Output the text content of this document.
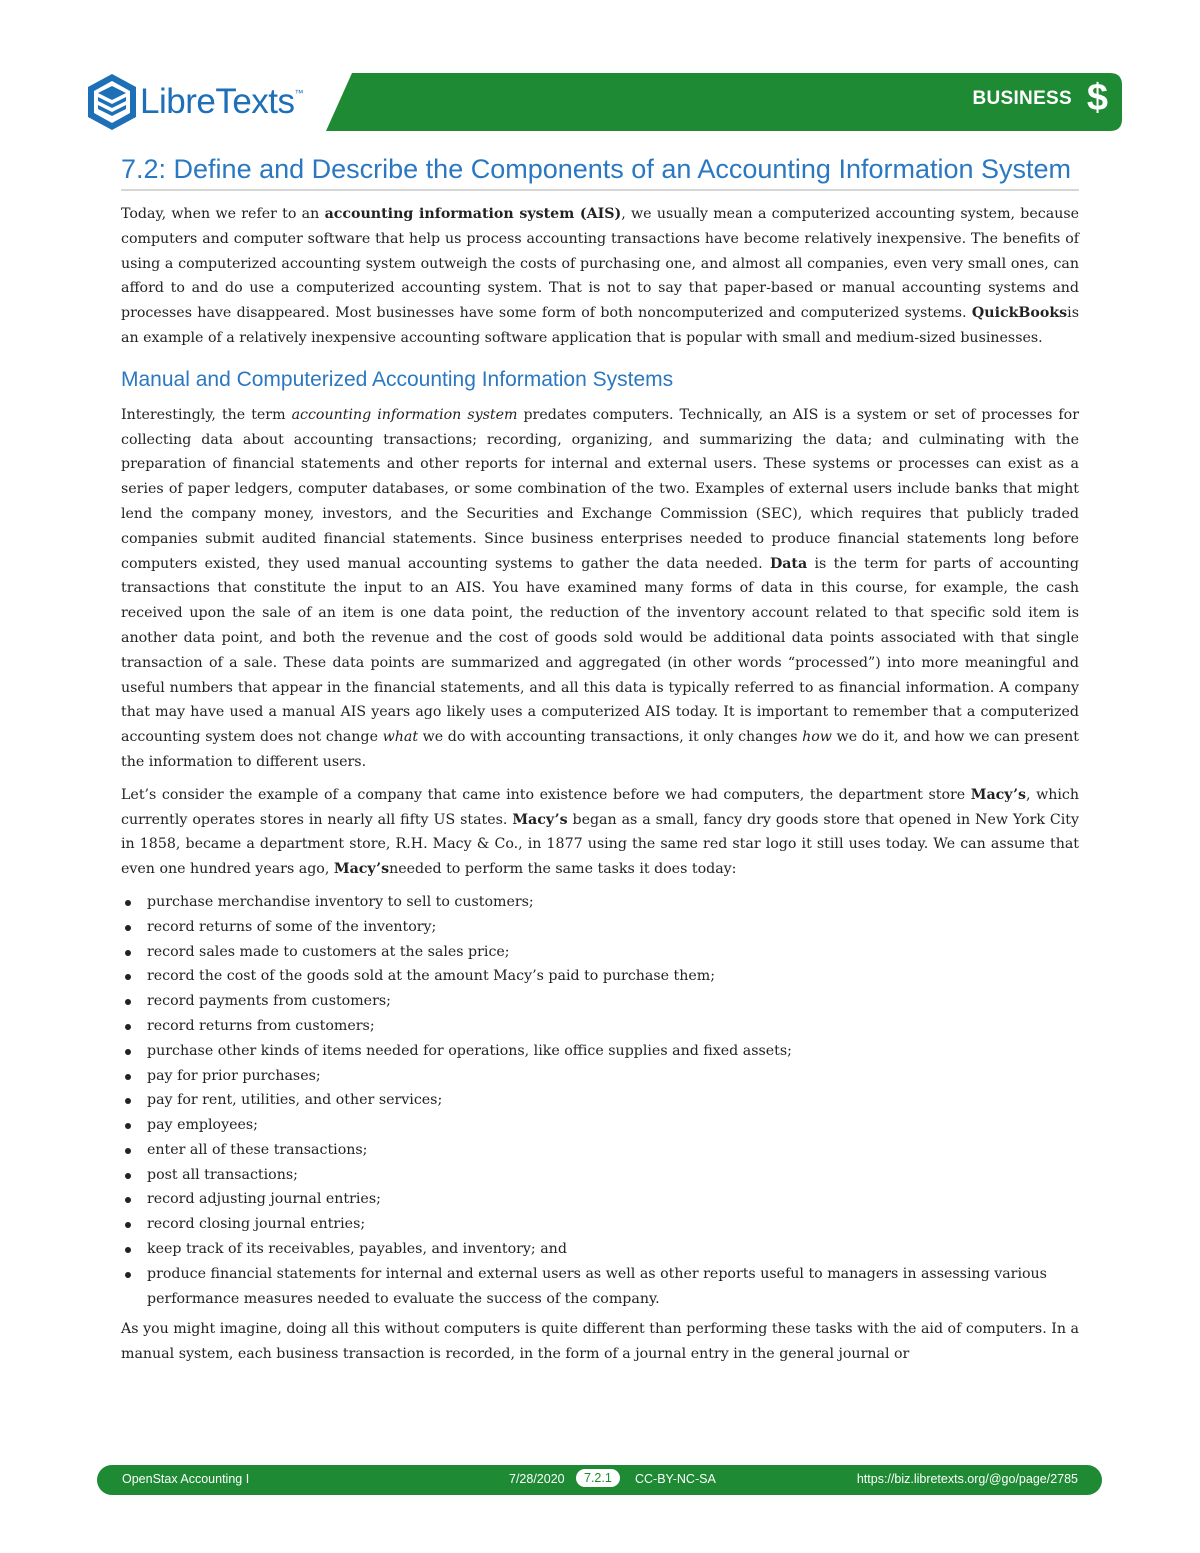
LibreTexts™	BUSINESS $
7.2: Define and Describe the Components of an Accounting Information System

Today, when we refer to an accounting information system (AIS), we usually mean a computerized accounting system, because computers and computer software that help us process accounting transactions have become relatively inexpensive. The benefits of using a computerized accounting system outweigh the costs of purchasing one, and almost all companies, even very small ones, can afford to and do use a computerized accounting system. That is not to say that paper-based or manual accounting systems and processes have disappeared. Most businesses have some form of both noncomputerized and computerized systems. QuickBooksis an example of a relatively inexpensive accounting software application that is popular with small and medium-sized businesses.

Manual and Computerized Accounting Information Systems

Interestingly, the term accounting information system predates computers. Technically, an AIS is a system or set of processes for collecting data about accounting transactions; recording, organizing, and summarizing the data; and culminating with the preparation of financial statements and other reports for internal and external users. These systems or processes can exist as a series of paper ledgers, computer databases, or some combination of the two. Examples of external users include banks that might lend the company money, investors, and the Securities and Exchange Commission (SEC), which requires that publicly traded companies submit audited financial statements. Since business enterprises needed to produce financial statements long before computers existed, they used manual accounting systems to gather the data needed. Data is the term for parts of accounting transactions that constitute the input to an AIS. You have examined many forms of data in this course, for example, the cash received upon the sale of an item is one data point, the reduction of the inventory account related to that specific sold item is another data point, and both the revenue and the cost of goods sold would be additional data points associated with that single transaction of a sale. These data points are summarized and aggregated (in other words “processed”) into more meaningful and useful numbers that appear in the financial statements, and all this data is typically referred to as financial information. A company that may have used a manual AIS years ago likely uses a computerized AIS today. It is important to remember that a computerized accounting system does not change what we do with accounting transactions, it only changes how we do it, and how we can present the information to different users.

Let’s consider the example of a company that came into existence before we had computers, the department store Macy’s, which currently operates stores in nearly all fifty US states. Macy’s began as a small, fancy dry goods store that opened in New York City in 1858, became a department store, R.H. Macy & Co., in 1877 using the same red star logo it still uses today. We can assume that even one hundred years ago, Macy’sneeded to perform the same tasks it does today:

purchase merchandise inventory to sell to customers;
record returns of some of the inventory;
record sales made to customers at the sales price;
record the cost of the goods sold at the amount Macy’s paid to purchase them;
record payments from customers;
record returns from customers;
purchase other kinds of items needed for operations, like office supplies and fixed assets;
pay for prior purchases;
pay for rent, utilities, and other services;
pay employees;
enter all of these transactions;
post all transactions;
record adjusting journal entries;
record closing journal entries;
keep track of its receivables, payables, and inventory; and
produce financial statements for internal and external users as well as other reports useful to managers in assessing various performance measures needed to evaluate the success of the company.

As you might imagine, doing all this without computers is quite different than performing these tasks with the aid of computers. In a manual system, each business transaction is recorded, in the form of a journal entry in the general journal or

OpenStax Accounting I	7/28/2020	7.2.1	CC-BY-NC-SA	https://biz.libretexts.org/@go/page/2785
